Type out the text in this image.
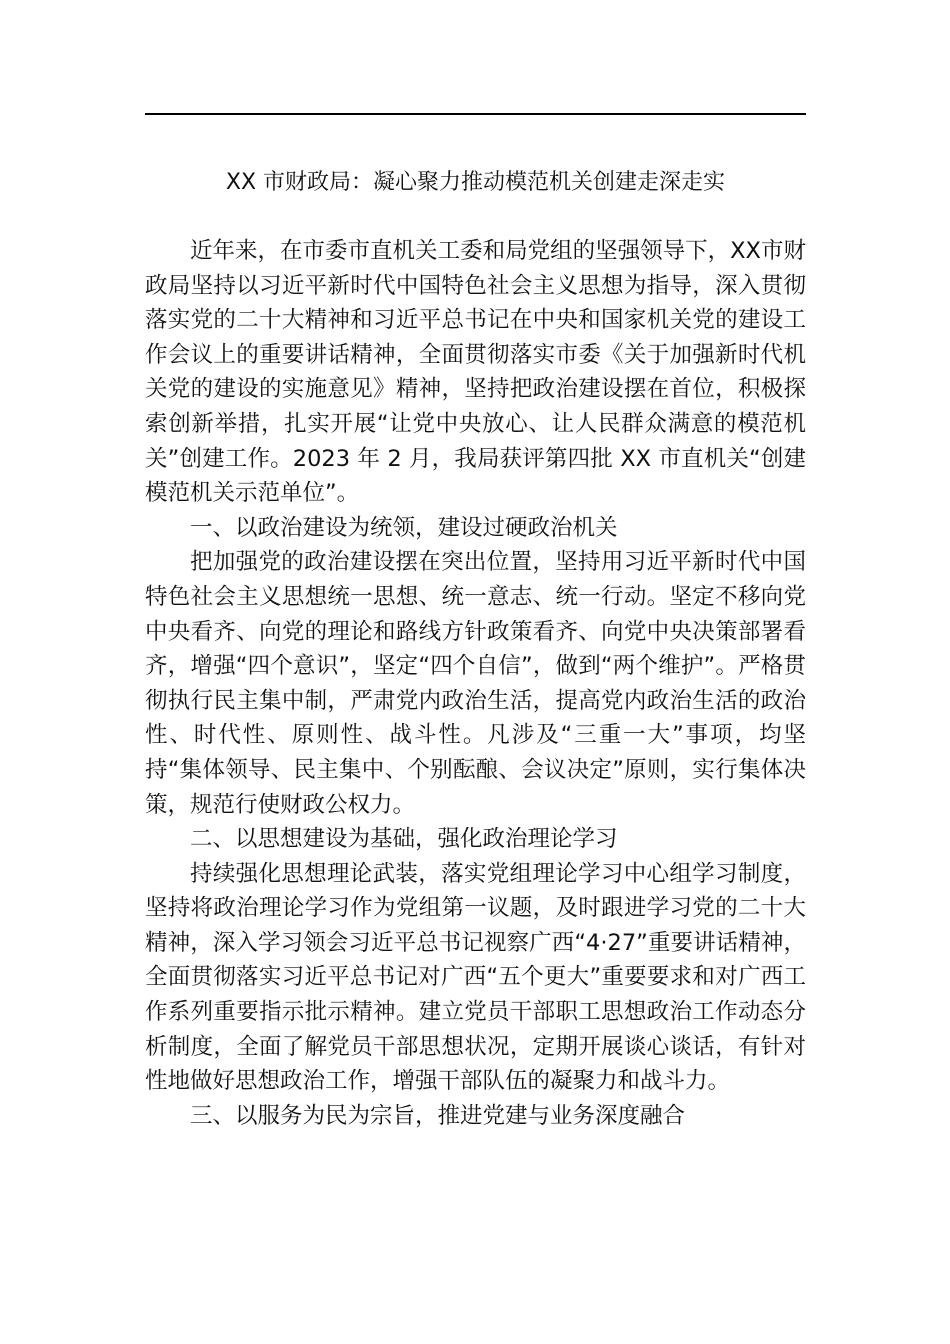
XX 市财政局：凝心聚力推动模范机关创建走深走实

近年来，在市委市直机关工委和局党组的坚强领导下，XX市财政局坚持以习近平新时代中国特色社会主义思想为指导，深入贯彻落实党的二十大精神和习近平总书记在中央和国家机关党的建设工作会议上的重要讲话精神，全面贯彻落实市委《关于加强新时代机关党的建设的实施意见》精神，坚持把政治建设摆在首位，积极探索创新举措，扎实开展“让党中央放心、让人民群众满意的模范机关”创建工作。2023 年 2 月，我局获评第四批 XX 市直机关“创建模范机关示范单位”。

一、以政治建设为统领，建设过硬政治机关

把加强党的政治建设摆在突出位置，坚持用习近平新时代中国特色社会主义思想统一思想、统一意志、统一行动。坚定不移向党中央看齐、向党的理论和路线方针政策看齐、向党中央决策部署看齐，增强“四个意识”，坚定“四个自信”，做到“两个维护”。严格贯彻执行民主集中制，严肃党内政治生活，提高党内政治生活的政治性、时代性、原则性、战斗性。凡涉及“三重一大”事项，均坚持“集体领导、民主集中、个别酝酿、会议决定”原则，实行集体决策，规范行使财政公权力。

二、以思想建设为基础，强化政治理论学习

持续强化思想理论武装，落实党组理论学习中心组学习制度，坚持将政治理论学习作为党组第一议题，及时跟进学习党的二十大精神，深入学习领会习近平总书记视察广西“4·27”重要讲话精神，全面贯彻落实习近平总书记对广西“五个更大”重要要求和对广西工作系列重要指示批示精神。建立党员干部职工思想政治工作动态分析制度，全面了解党员干部思想状况，定期开展谈心谈话，有针对性地做好思想政治工作，增强干部队伍的凝聚力和战斗力。

三、以服务为民为宗旨，推进党建与业务深度融合
